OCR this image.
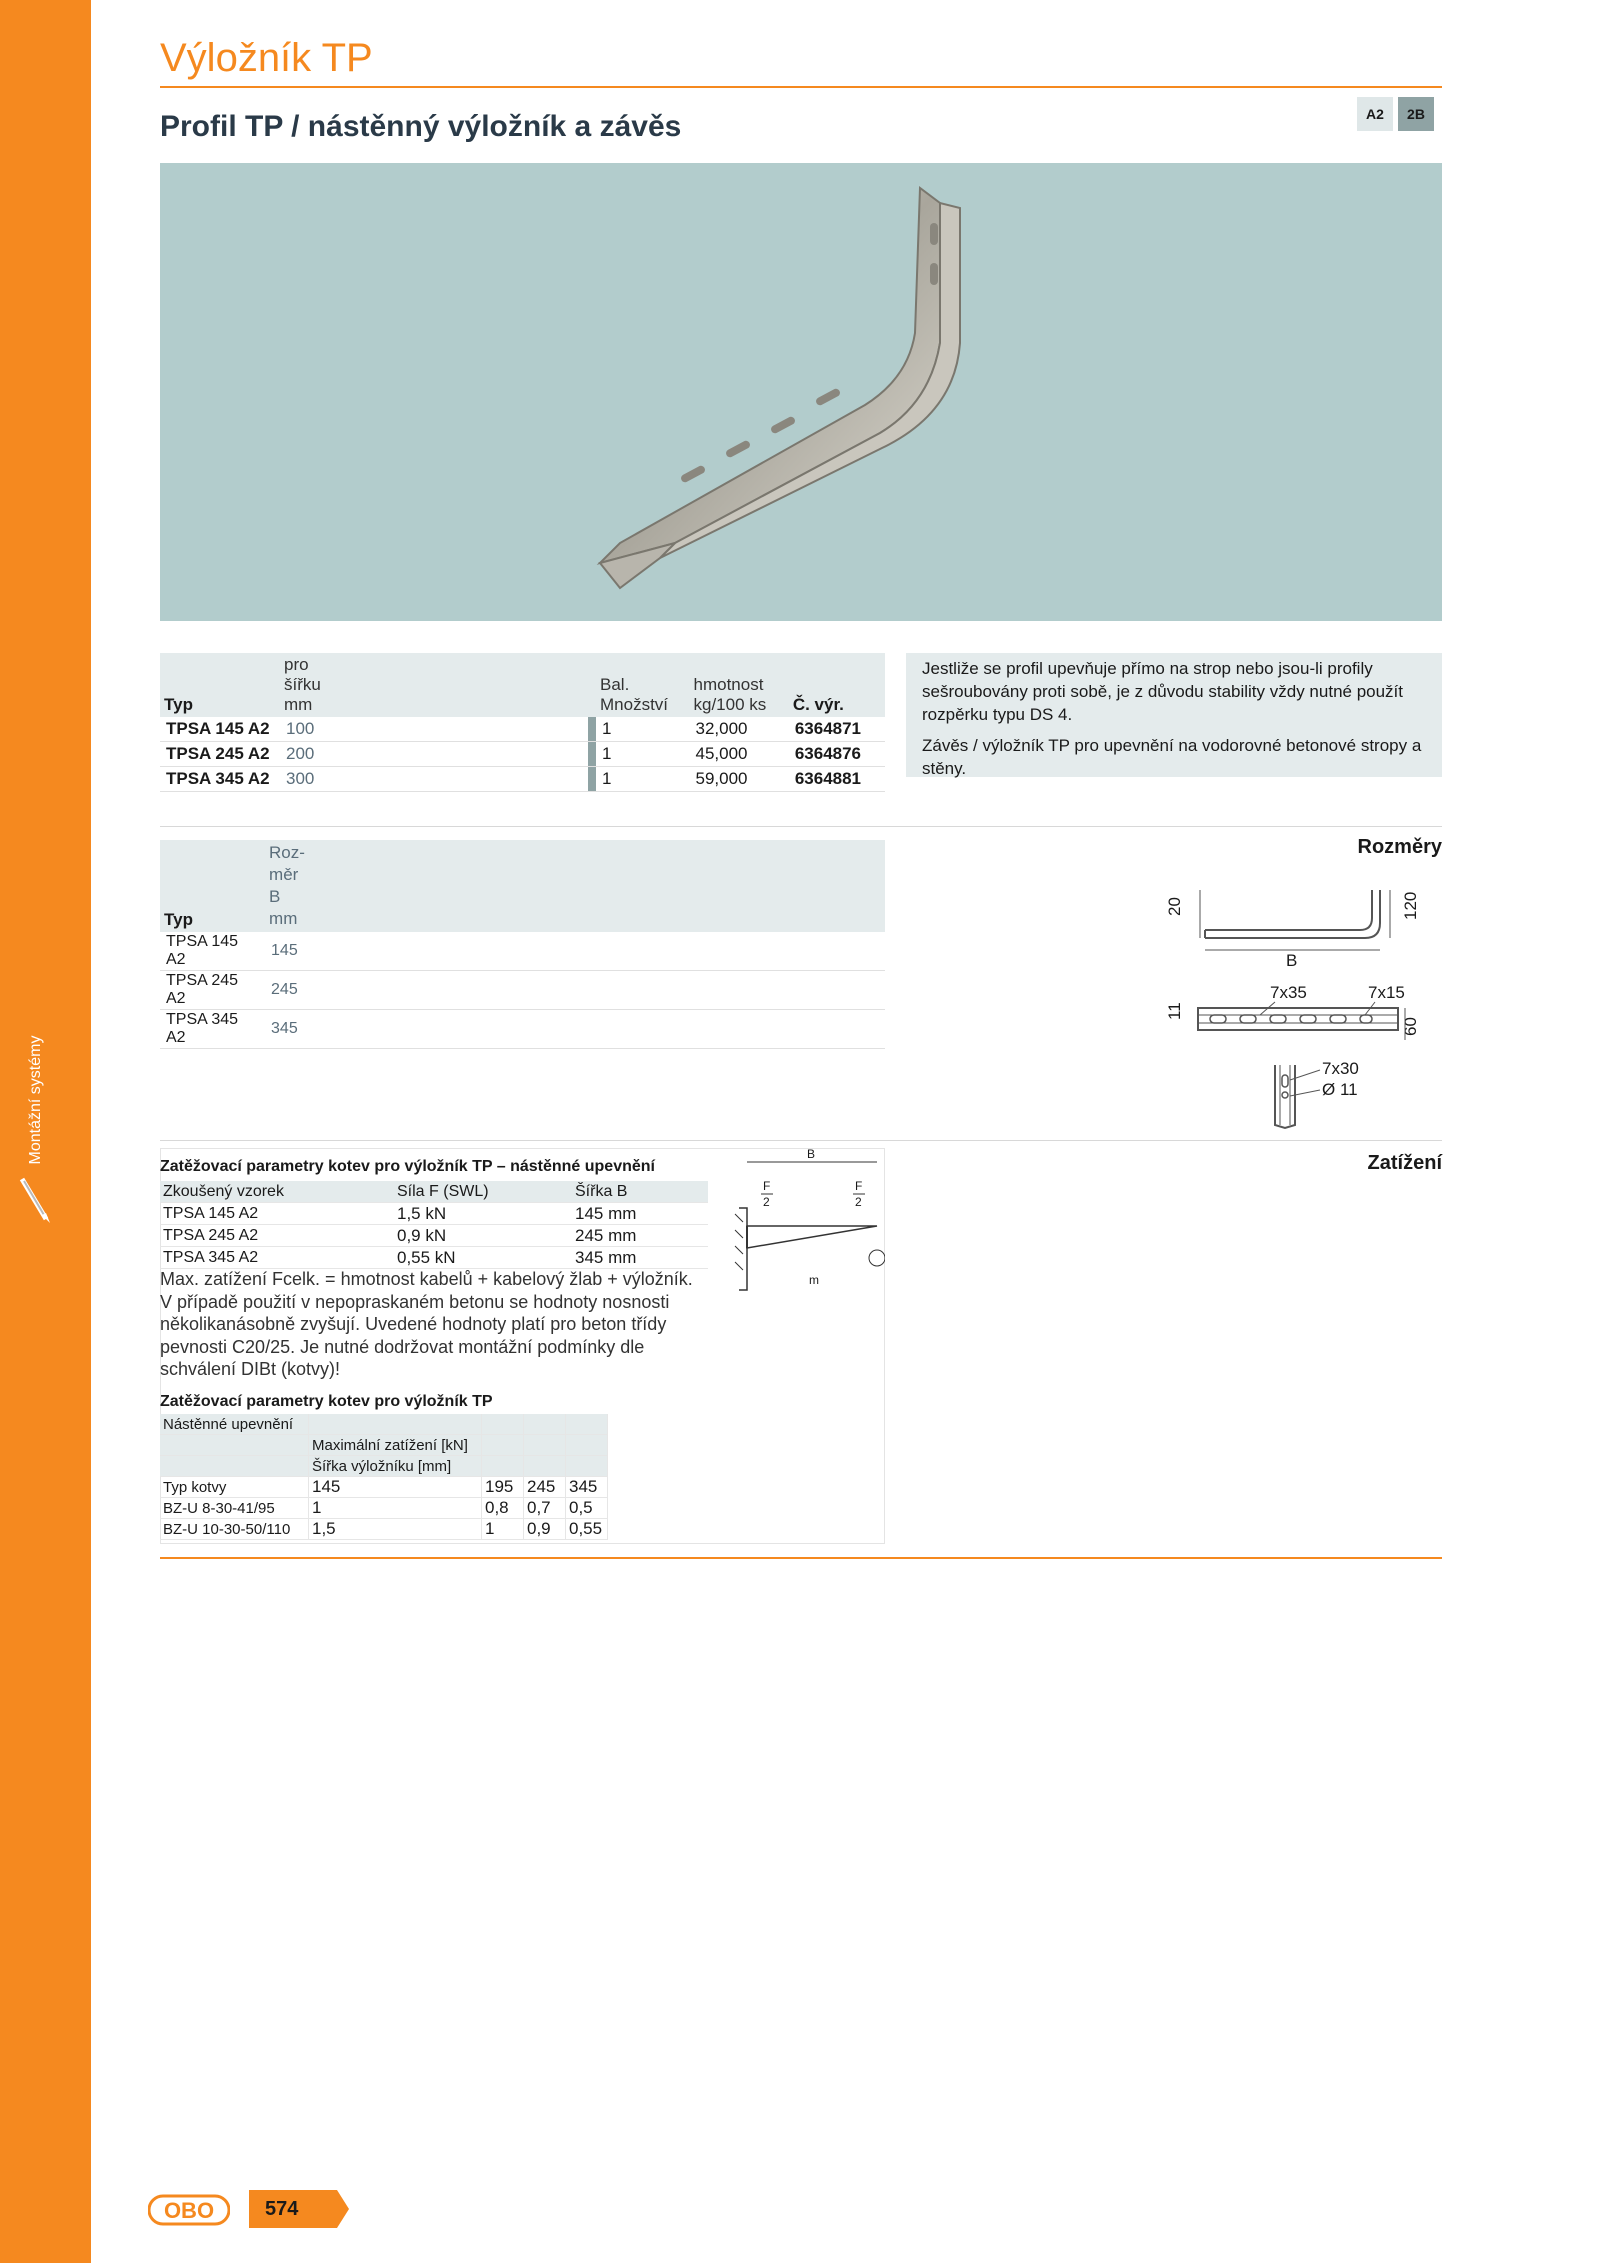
Montážní systémy
Výložník TP
Profil TP / nástěnný výložník a závěs	A2	2B
Typ	pro
šířku
mm			Bal.
Množství	hmotnost
kg/100 ks	Č. výr.
TPSA 145 A2	100			1	32,000	6364871
TPSA 245 A2	200			1	45,000	6364876
TPSA 345 A2	300			1	59,000	6364881

Jestliže se profil upevňuje přímo na strop nebo jsou-li profily sešroubovány proti sobě, je z důvodu stability vždy nutné použít rozpěrku typu DS 4.

Závěs / výložník TP pro upevnění na vodorovné betonové stropy a stěny.

Typ	Roz-
měr
B
mm	
TPSA 145 A2	145	
TPSA 245 A2	245	
TPSA 345 A2	345	
Rozměry
20	120
B
11
7x35	7x15
60
7x30
Ø 11
Zatížení
Zatěžovací parametry kotev pro výložník TP – nástěnné upevnění
Zkoušený vzorek	Síla F (SWL)	Šířka B
TPSA 145 A2	1,5 kN	145 mm
TPSA 245 A2	0,9 kN	245 mm
TPSA 345 A2	0,55 kN	345 mm
B
F
2
F
2
m
Max. zatížení Fcelk. = hmotnost kabelů + kabelový žlab + výložník. V případě použití v nepopraskaném betonu se hodnoty nosnosti několikanásobně zvyšují. Uvedené hodnoty platí pro beton třídy pevnosti C20/25. Je nutné dodržovat montážní podmínky dle schválení DIBt (kotvy)!
Zatěžovací parametry kotev pro výložník TP
Nástěnné upevnění				
	Maximální zatížení [kN]			
	Šířka výložníku [mm]			
Typ kotvy	145	195	245	345
BZ-U 8-30-41/95	1	0,8	0,7	0,5
BZ-U 10-30-50/110	1,5	1	0,9	0,55
OBO	574
